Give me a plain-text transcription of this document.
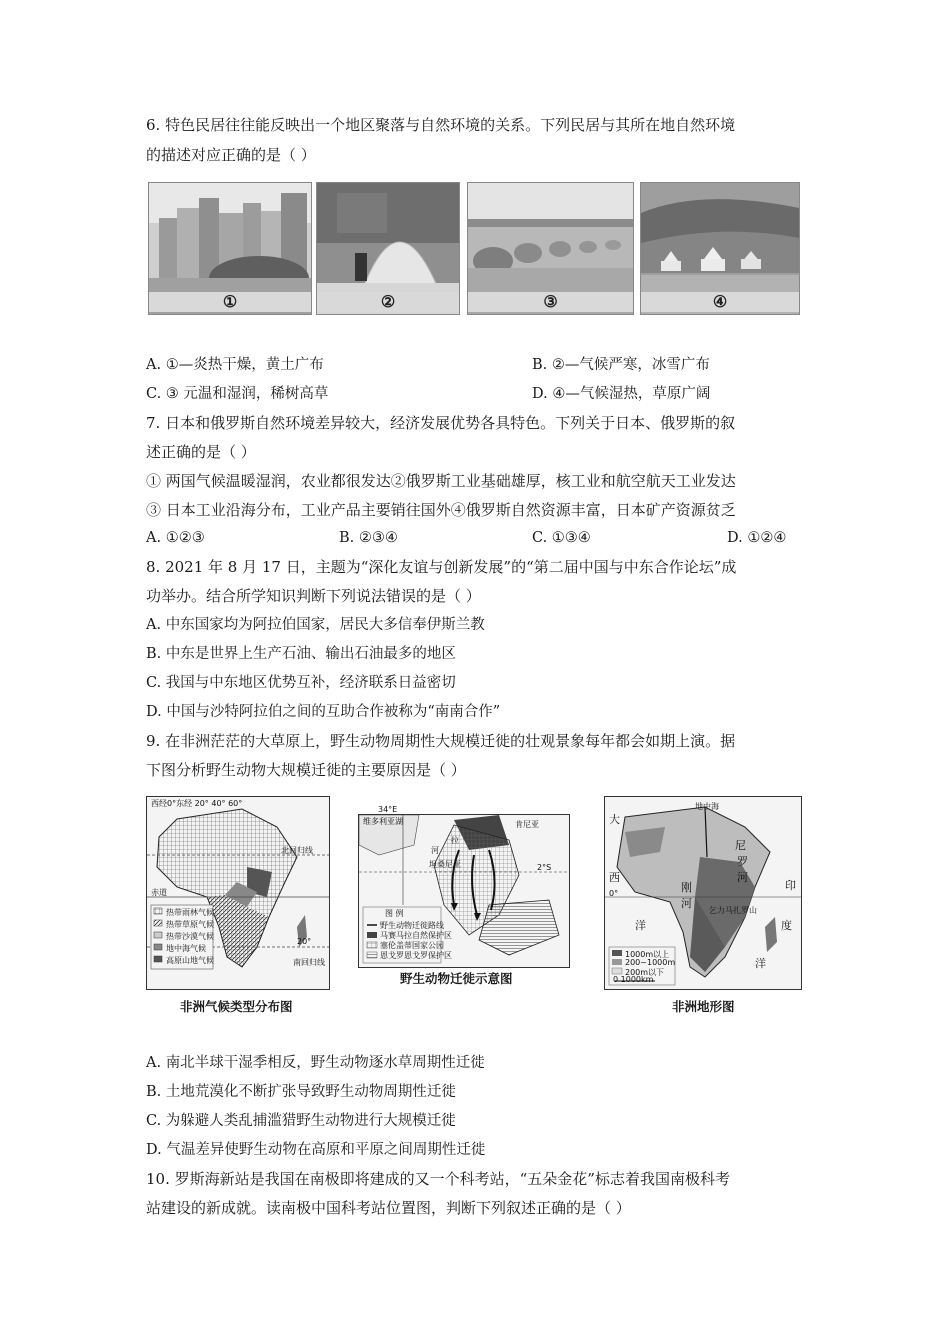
6. 特色民居往往能反映出一个地区聚落与自然环境的关系。下列民居与其所在地自然环境
的描述对应正确的是（ ）
①	②	③	④
A. ①—炎热干燥，黄土广布	B. ②—气候严寒，冰雪广布
C. ③ 元温和湿润，稀树高草	D. ④—气候湿热，草原广阔
7. 日本和俄罗斯自然环境差异较大，经济发展优势各具特色。下列关于日本、俄罗斯的叙
述正确的是（ ）
① 两国气候温暖湿润，农业都很发达②俄罗斯工业基础雄厚，核工业和航空航天工业发达
③ 日本工业沿海分布，工业产品主要销往国外④俄罗斯自然资源丰富，日本矿产资源贫乏
A. ①②③	B. ②③④	C. ①③④	D. ①②④
8. 2021 年 8 月 17 日，主题为“深化友谊与创新发展”的“第二届中国与中东合作论坛”成
功举办。结合所学知识判断下列说法错误的是（ ）
A. 中东国家均为阿拉伯国家，居民大多信奉伊斯兰教
B. 中东是世界上生产石油、输出石油最多的地区
C. 我国与中东地区优势互补，经济联系日益密切
D. 中国与沙特阿拉伯之间的互助合作被称为“南南合作”
9. 在非洲茫茫的大草原上，野生动物周期性大规模迁徙的壮观景象每年都会如期上演。据
下图分析野生动物大规模迁徙的主要原因是（ ）
西经0°东经 20° 40° 60°
北回归线
赤道
20°
南回归线
热带雨林气候
热带草原气候
热带沙漠气候
地中海气候
高原山地气候
非洲气候类型分布图
维多利亚湖	肯尼亚
拉
河
坦桑尼亚	2°S
图 例
野生动物迁徙路线
马赛马拉自然保护区
塞伦盖蒂国家公园
恩戈罗恩戈罗保护区
34°E
野生动物迁徙示意图
大
地中海
西
0°
尼
罗
河
刚
河
乞力马扎罗山
印
度
洋
洋
1000m以上
200~1000m
200m以下
0 1000km
非洲地形图
A. 南北半球干湿季相反，野生动物逐水草周期性迁徙
B. 土地荒漠化不断扩张导致野生动物周期性迁徙
C. 为躲避人类乱捕滥猎野生动物进行大规模迁徙
D. 气温差异使野生动物在高原和平原之间周期性迁徙
10. 罗斯海新站是我国在南极即将建成的又一个科考站，“五朵金花”标志着我国南极科考
站建设的新成就。读南极中国科考站位置图，判断下列叙述正确的是（ ）
